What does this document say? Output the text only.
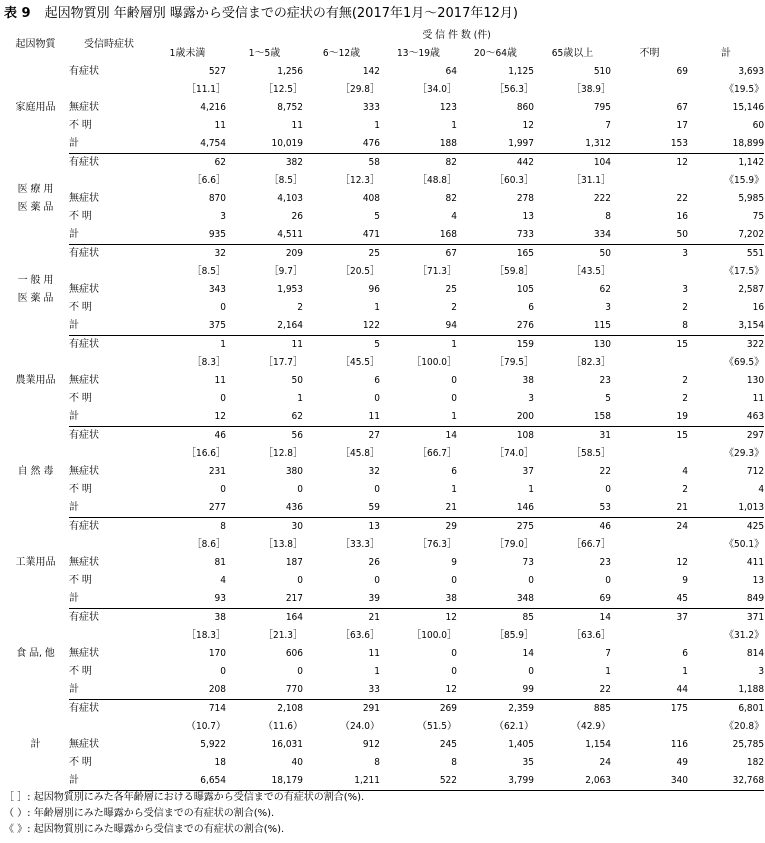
表 9 起因物質別 年齢層別 曝露から受信までの症状の有無(2017年1月～2017年12月)
起因物質	受信時症状	受 信 件 数 (件)							
		1歳未満	1～5歳	6～12歳	13～19歳	20～64歳	65歳以上	不明	計
家庭用品	有症状	527	1,256	142	64	1,125	510	69	3,693
		［11.1］	［12.5］	［29.8］	［34.0］	［56.3］	［38.9］		《19.5》
	無症状	4,216	8,752	333	123	860	795	67	15,146
	不 明	11	11	1	1	12	7	17	60
	計	4,754	10,019	476	188	1,997	1,312	153	18,899
医 療 用
医 薬 品	有症状	62	382	58	82	442	104	12	1,142
		［6.6］	［8.5］	［12.3］	［48.8］	［60.3］	［31.1］		《15.9》
	無症状	870	4,103	408	82	278	222	22	5,985
	不 明	3	26	5	4	13	8	16	75
	計	935	4,511	471	168	733	334	50	7,202
一 般 用
医 薬 品	有症状	32	209	25	67	165	50	3	551
		［8.5］	［9.7］	［20.5］	［71.3］	［59.8］	［43.5］		《17.5》
	無症状	343	1,953	96	25	105	62	3	2,587
	不 明	0	2	1	2	6	3	2	16
	計	375	2,164	122	94	276	115	8	3,154
農業用品	有症状	1	11	5	1	159	130	15	322
		［8.3］	［17.7］	［45.5］	［100.0］	［79.5］	［82.3］		《69.5》
	無症状	11	50	6	0	38	23	2	130
	不 明	0	1	0	0	3	5	2	11
	計	12	62	11	1	200	158	19	463
自 然 毒	有症状	46	56	27	14	108	31	15	297
		［16.6］	［12.8］	［45.8］	［66.7］	［74.0］	［58.5］		《29.3》
	無症状	231	380	32	6	37	22	4	712
	不 明	0	0	0	1	1	0	2	4
	計	277	436	59	21	146	53	21	1,013
工業用品	有症状	8	30	13	29	275	46	24	425
		［8.6］	［13.8］	［33.3］	［76.3］	［79.0］	［66.7］		《50.1》
	無症状	81	187	26	9	73	23	12	411
	不 明	4	0	0	0	0	0	9	13
	計	93	217	39	38	348	69	45	849
食 品, 他	有症状	38	164	21	12	85	14	37	371
		［18.3］	［21.3］	［63.6］	［100.0］	［85.9］	［63.6］		《31.2》
	無症状	170	606	11	0	14	7	6	814
	不 明	0	0	1	0	0	1	1	3
	計	208	770	33	12	99	22	44	1,188
計	有症状	714	2,108	291	269	2,359	885	175	6,801
		（10.7）	（11.6）	（24.0）	（51.5）	（62.1）	（42.9）		《20.8》
	無症状	5,922	16,031	912	245	1,405	1,154	116	25,785
	不 明	18	40	8	8	35	24	49	182
	計	6,654	18,179	1,211	522	3,799	2,063	340	32,768
［ ］: 起因物質別にみた各年齢層における曝露から受信までの有症状の割合(%).
（ ）: 年齢層別にみた曝露から受信までの有症状の割合(%).
《 》: 起因物質別にみた曝露から受信までの有症状の割合(%).
